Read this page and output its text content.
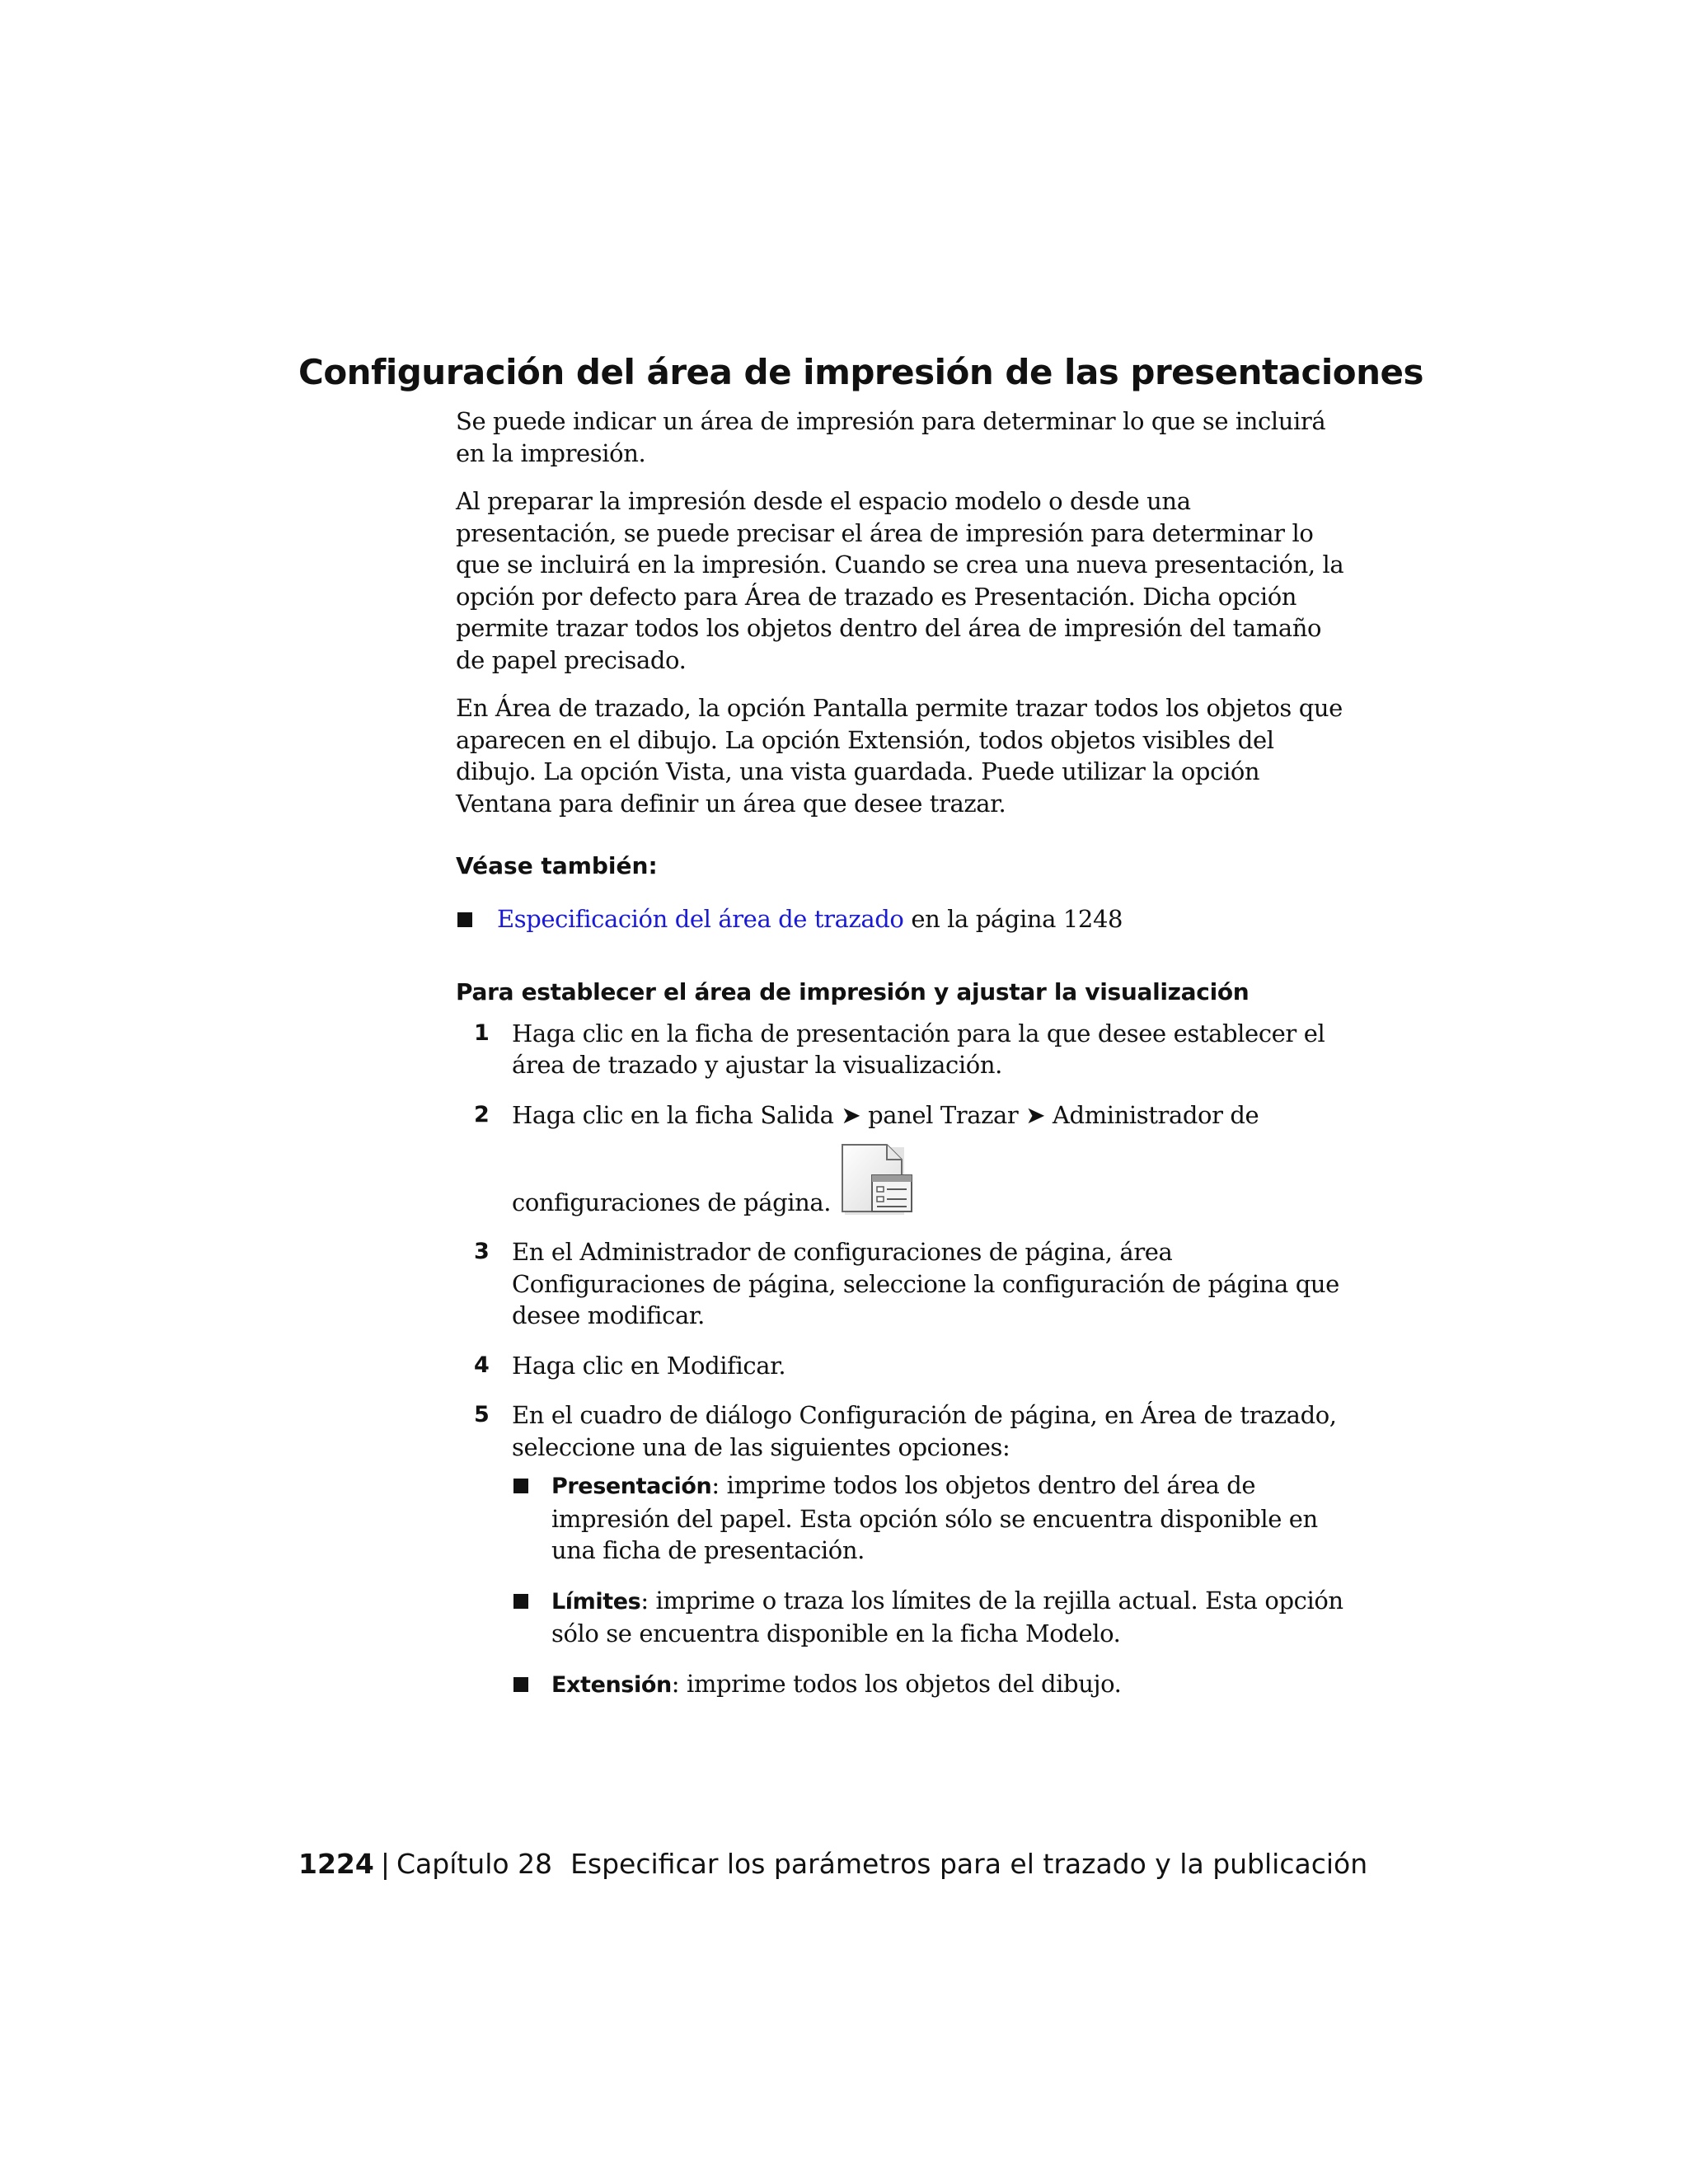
Configuración del área de impresión de las presentaciones

Se puede indicar un área de impresión para determinar lo que se incluirá en la impresión.

Al preparar la impresión desde el espacio modelo o desde una presentación, se puede precisar el área de impresión para determinar lo que se incluirá en la impresión. Cuando se crea una nueva presentación, la opción por defecto para Área de trazado es Presentación. Dicha opción permite trazar todos los objetos dentro del área de impresión del tamaño de papel precisado.

En Área de trazado, la opción Pantalla permite trazar todos los objetos que aparecen en el dibujo. La opción Extensión, todos objetos visibles del dibujo. La opción Vista, una vista guardada. Puede utilizar la opción Ventana para definir un área que desee trazar.

Véase también:
Especificación del área de trazado en la página 1248
Para establecer el área de impresión y ajustar la visualización
1 Haga clic en la ficha de presentación para la que desee establecer el área de trazado y ajustar la visualización.
2 Haga clic en la ficha Salida ➤ panel Trazar ➤ Administrador de
configuraciones de página.
3 En el Administrador de configuraciones de página, área Configuraciones de página, seleccione la configuración de página que desee modificar.
4 Haga clic en Modificar.
5 En el cuadro de diálogo Configuración de página, en Área de trazado, seleccione una de las siguientes opciones:
Presentación: imprime todos los objetos dentro del área de impresión del papel. Esta opción sólo se encuentra disponible en una ficha de presentación.
Límites: imprime o traza los límites de la rejilla actual. Esta opción sólo se encuentra disponible en la ficha Modelo.
Extensión: imprime todos los objetos del dibujo.
1224 | Capítulo 28 Especificar los parámetros para el trazado y la publicación
